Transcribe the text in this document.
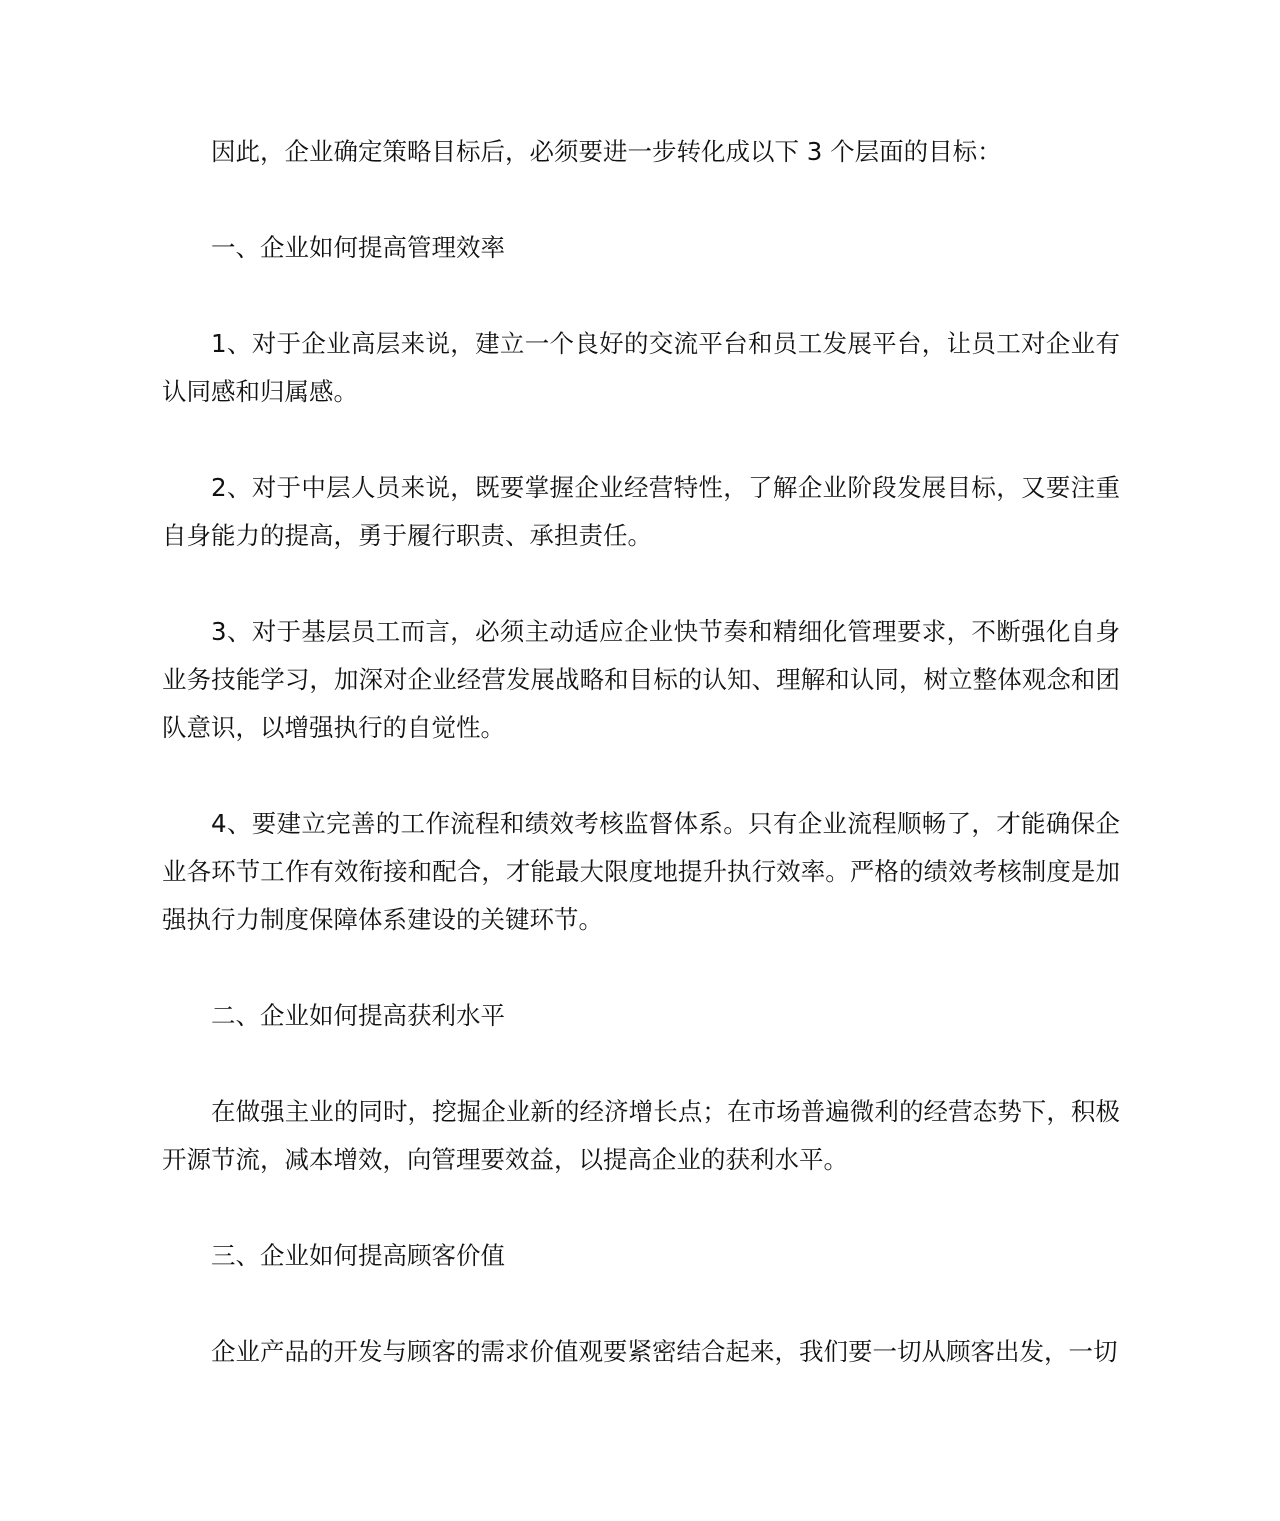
因此，企业确定策略目标后，必须要进一步转化成以下 3 个层面的目标：

一、企业如何提高管理效率

1、对于企业高层来说，建立一个良好的交流平台和员工发展平台，让员工对企业有认同感和归属感。

2、对于中层人员来说，既要掌握企业经营特性，了解企业阶段发展目标，又要注重自身能力的提高，勇于履行职责、承担责任。

3、对于基层员工而言，必须主动适应企业快节奏和精细化管理要求，不断强化自身业务技能学习，加深对企业经营发展战略和目标的认知、理解和认同，树立整体观念和团队意识，以增强执行的自觉性。

4、要建立完善的工作流程和绩效考核监督体系。只有企业流程顺畅了，才能确保企业各环节工作有效衔接和配合，才能最大限度地提升执行效率。严格的绩效考核制度是加强执行力制度保障体系建设的关键环节。

二、企业如何提高获利水平

在做强主业的同时，挖掘企业新的经济增长点；在市场普遍微利的经营态势下，积极开源节流，减本增效，向管理要效益，以提高企业的获利水平。

三、企业如何提高顾客价值

企业产品的开发与顾客的需求价值观要紧密结合起来，我们要一切从顾客出发，一切
